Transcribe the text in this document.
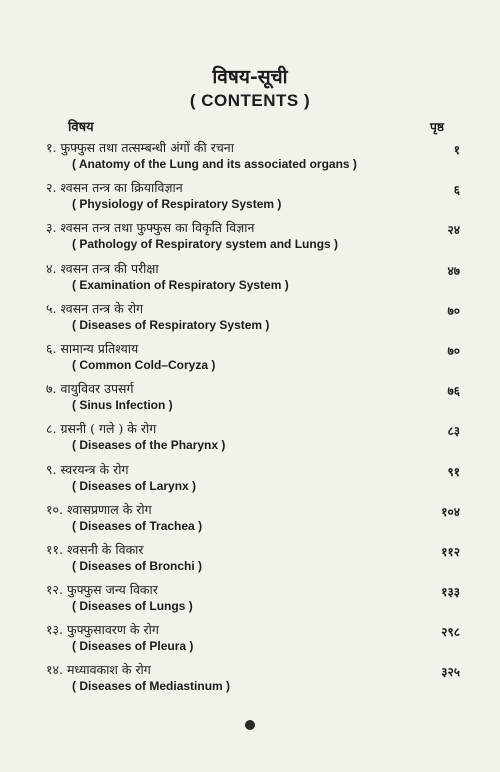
विषय-सूची
( CONTENTS )
विषय	पृष्ठ
१. फुफ्फुस तथा तत्सम्बन्धी अंगों की रचना
( Anatomy of the Lung and its associated organs )
१
२. श्वसन तन्त्र का क्रियाविज्ञान
( Physiology of Respiratory System )
६
३. श्वसन तन्त्र तथा फुफ्फुस का विकृति विज्ञान
( Pathology of Respiratory system and Lungs )
२४
४. श्वसन तन्त्र की परीक्षा
( Examination of Respiratory System )
४७
५. श्वसन तन्त्र के रोग
( Diseases of Respiratory System )
७०
६. सामान्य प्रतिश्याय
( Common Cold–Coryza )
७०
७. वायुविवर उपसर्ग
( Sinus Infection )
७६
८. ग्रसनी ( गले ) के रोग
( Diseases of the Pharynx )
८३
९. स्वरयन्त्र के रोग
( Diseases of Larynx )
९१
१०. श्वासप्रणाल के रोग
( Diseases of Trachea )
१०४
११. श्वसनी के विकार
( Diseases of Bronchi )
११२
१२. फुफ्फुस जन्य विकार
( Diseases of Lungs )
१३३
१३. फुफ्फुसावरण के रोग
( Diseases of Pleura )
२९८
१४. मध्यावकाश के रोग
( Diseases of Mediastinum )
३२५
